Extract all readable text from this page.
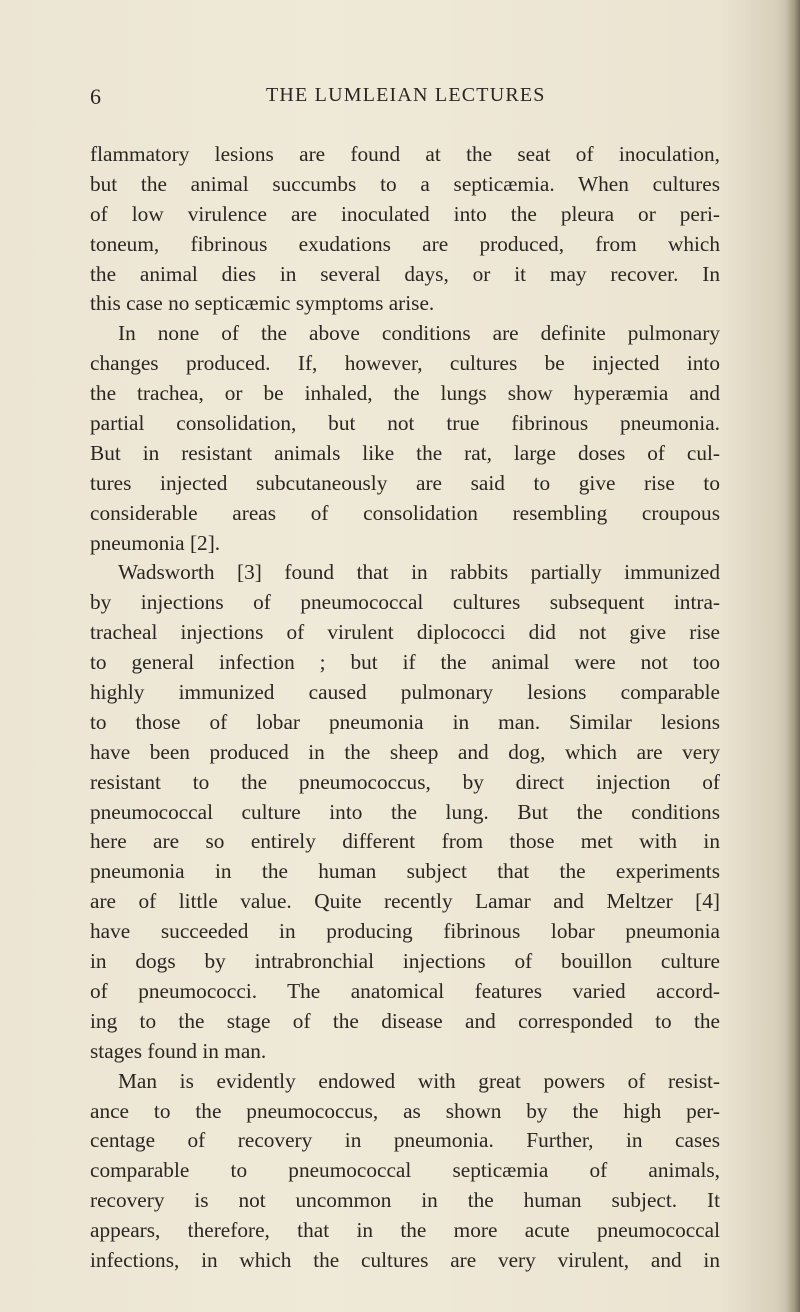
6	THE LUMLEIAN LECTURES
flammatory lesions are found at the seat of inoculation,
but the animal succumbs to a septicæmia. When cultures
of low virulence are inoculated into the pleura or peri-
toneum, fibrinous exudations are produced, from which
the animal dies in several days, or it may recover. In
this case no septicæmic symptoms arise.
In none of the above conditions are definite pulmonary
changes produced. If, however, cultures be injected into
the trachea, or be inhaled, the lungs show hyperæmia and
partial consolidation, but not true fibrinous pneumonia.
But in resistant animals like the rat, large doses of cul-
tures injected subcutaneously are said to give rise to
considerable areas of consolidation resembling croupous
pneumonia [2].
Wadsworth [3] found that in rabbits partially immunized
by injections of pneumococcal cultures subsequent intra-
tracheal injections of virulent diplococci did not give rise
to general infection ; but if the animal were not too
highly immunized caused pulmonary lesions comparable
to those of lobar pneumonia in man. Similar lesions
have been produced in the sheep and dog, which are very
resistant to the pneumococcus, by direct injection of
pneumococcal culture into the lung. But the conditions
here are so entirely different from those met with in
pneumonia in the human subject that the experiments
are of little value. Quite recently Lamar and Meltzer [4]
have succeeded in producing fibrinous lobar pneumonia
in dogs by intrabronchial injections of bouillon culture
of pneumococci. The anatomical features varied accord-
ing to the stage of the disease and corresponded to the
stages found in man.
Man is evidently endowed with great powers of resist-
ance to the pneumococcus, as shown by the high per-
centage of recovery in pneumonia. Further, in cases
comparable to pneumococcal septicæmia of animals,
recovery is not uncommon in the human subject. It
appears, therefore, that in the more acute pneumococcal
infections, in which the cultures are very virulent, and in
